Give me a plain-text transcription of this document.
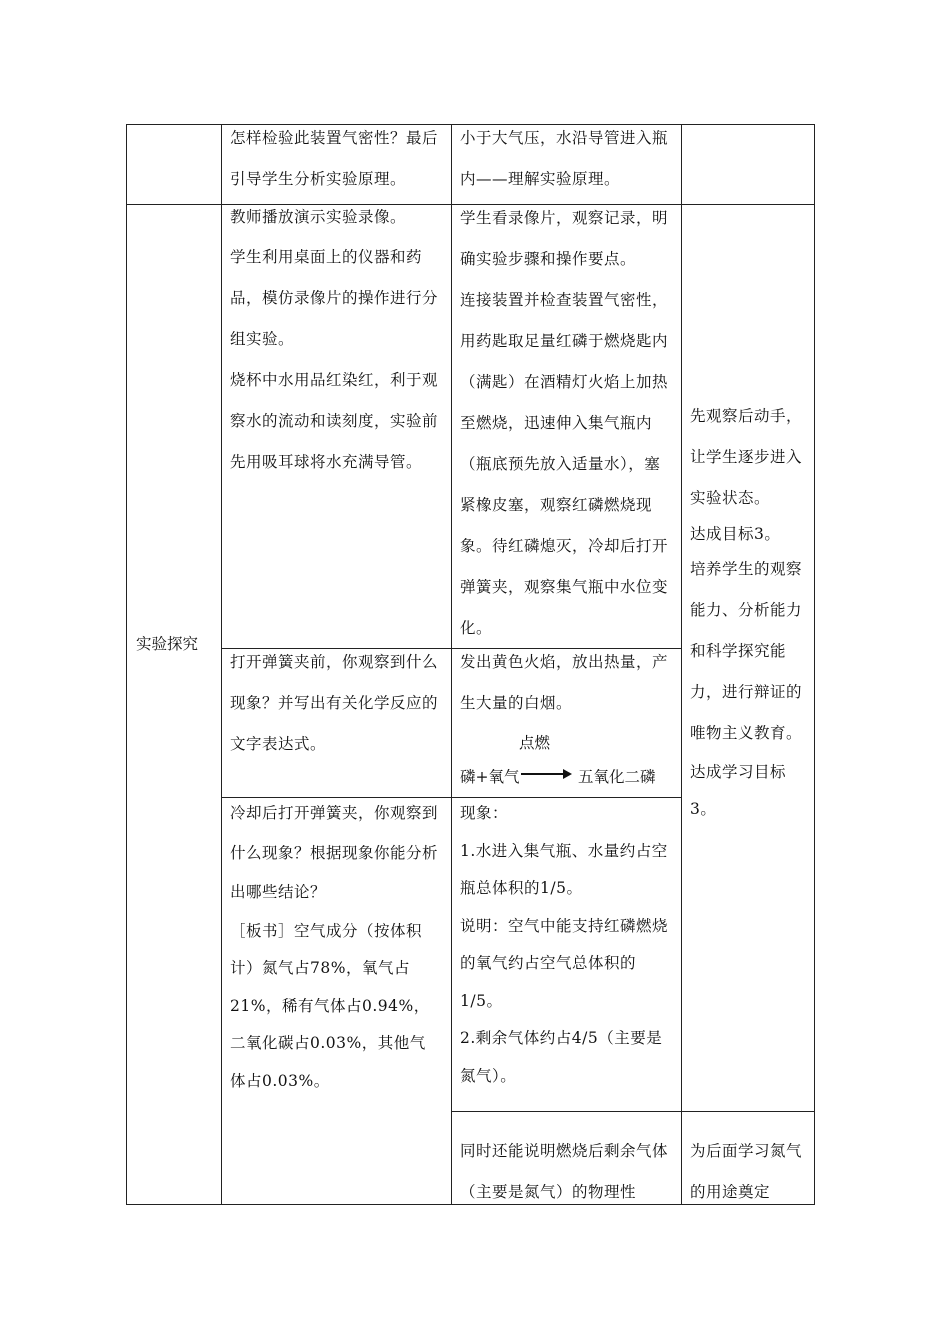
怎样检验此装置气密性？最后引导学生分析实验原理。

小于大气压，水沿导管进入瓶内——理解实验原理。

实验探究

教师播放演示实验录像。

学生利用桌面上的仪器和药品，模仿录像片的操作进行分组实验。

烧杯中水用品红染红，利于观察水的流动和读刻度，实验前先用吸耳球将水充满导管。

学生看录像片，观察记录，明确实验步骤和操作要点。

连接装置并检查装置气密性，用药匙取足量红磷于燃烧匙内（满匙）在酒精灯火焰上加热至燃烧，迅速伸入集气瓶内（瓶底预先放入适量水），塞紧橡皮塞，观察红磷燃烧现象。待红磷熄灭，冷却后打开弹簧夹，观察集气瓶中水位变化。

先观察后动手，让学生逐步进入实验状态。

达成目标3。

培养学生的观察能力、分析能力和科学探究能力，进行辩证的唯物主义教育。

达成学习目标3。

打开弹簧夹前，你观察到什么现象？并写出有关化学反应的文字表达式。

发出黄色火焰，放出热量，产生大量的白烟。

点燃
磷+氧气 → 五氧化二磷

冷却后打开弹簧夹，你观察到什么现象？根据现象你能分析出哪些结论？

［板书］空气成分（按体积计）氮气占78%，氧气占21%，稀有气体占0.94%，二氧化碳占0.03%，其他气体占0.03%。

现象：

1.水进入集气瓶、水量约占空瓶总体积的1/5。

说明：空气中能支持红磷燃烧的氧气约占空气总体积的1/5。

2.剩余气体约占4/5（主要是氮气）。

同时还能说明燃烧后剩余气体（主要是氮气）的物理性

为后面学习氮气的用途奠定
